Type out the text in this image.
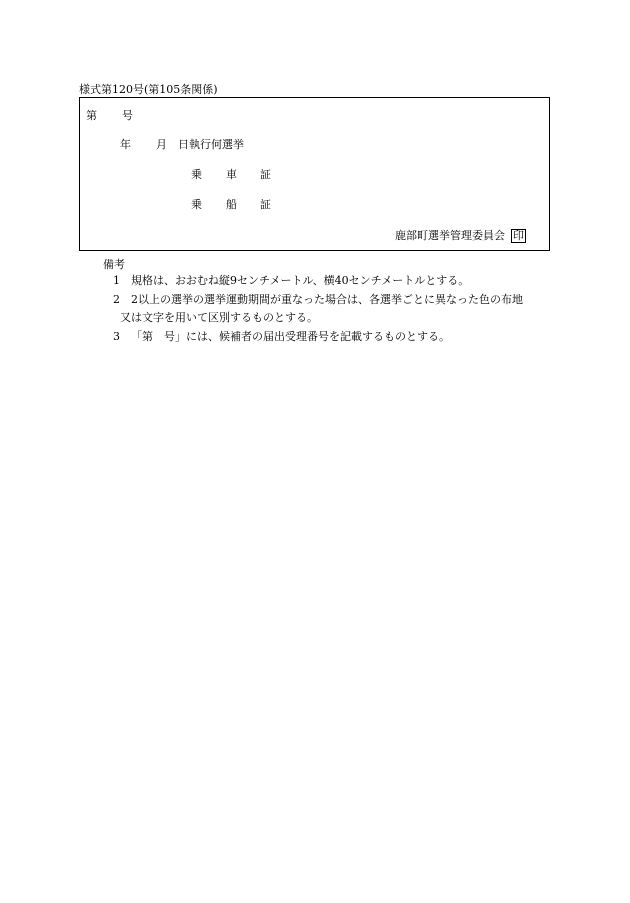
様式第120号(第105条関係)
第 号
年 月 日執行何選挙
乗 車 証
乗 船 証
鹿部町選挙管理委員会 印
備考
1 規格は、おおむね縦9センチメートル、横40センチメートルとする。
2 2以上の選挙の選挙運動期間が重なった場合は、各選挙ごとに異なった色の布地
又は文字を用いて区別するものとする。
3 「第　号」には、候補者の届出受理番号を記載するものとする。
